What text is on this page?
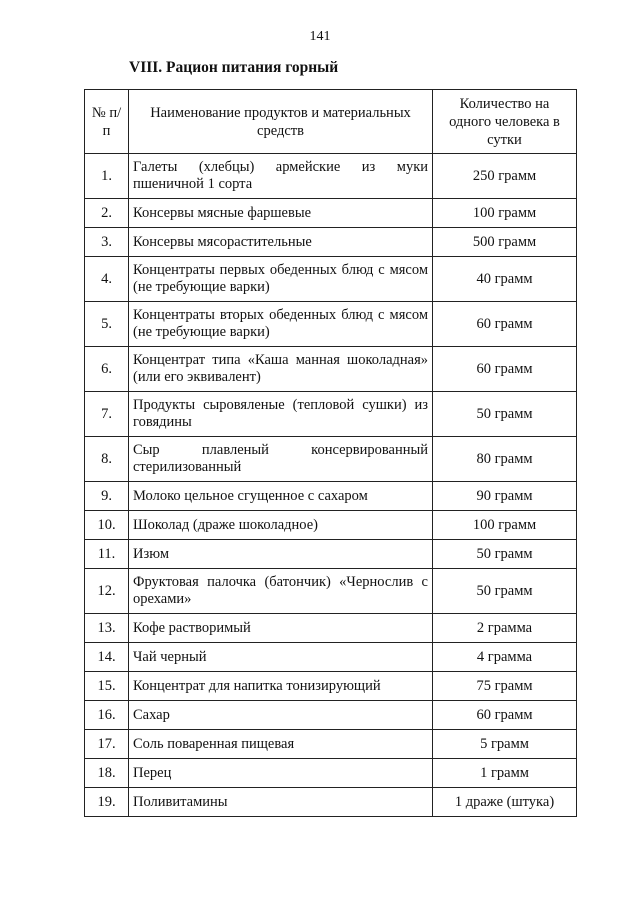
141
VIII. Рацион питания горный
№ п/п	Наименование продуктов и материальных средств	Количество на одного человека в сутки
1.	Галеты (хлебцы) армейские из муки пшеничной 1 сорта	250 грамм
2.	Консервы мясные фаршевые	100 грамм
3.	Консервы мясорастительные	500 грамм
4.	Концентраты первых обеденных блюд с мясом (не требующие варки)	40 грамм
5.	Концентраты вторых обеденных блюд с мясом (не требующие варки)	60 грамм
6.	Концентрат типа «Каша манная шоколадная» (или его эквивалент)	60 грамм
7.	Продукты сыровяленые (тепловой сушки) из говядины	50 грамм
8.	Сыр плавленый консервированный стерилизованный	80 грамм
9.	Молоко цельное сгущенное с сахаром	90 грамм
10.	Шоколад (драже шоколадное)	100 грамм
11.	Изюм	50 грамм
12.	Фруктовая палочка (батончик) «Чернослив с орехами»	50 грамм
13.	Кофе растворимый	2 грамма
14.	Чай черный	4 грамма
15.	Концентрат для напитка тонизирующий	75 грамм
16.	Сахар	60 грамм
17.	Соль поваренная пищевая	5 грамм
18.	Перец	1 грамм
19.	Поливитамины	1 драже (штука)
